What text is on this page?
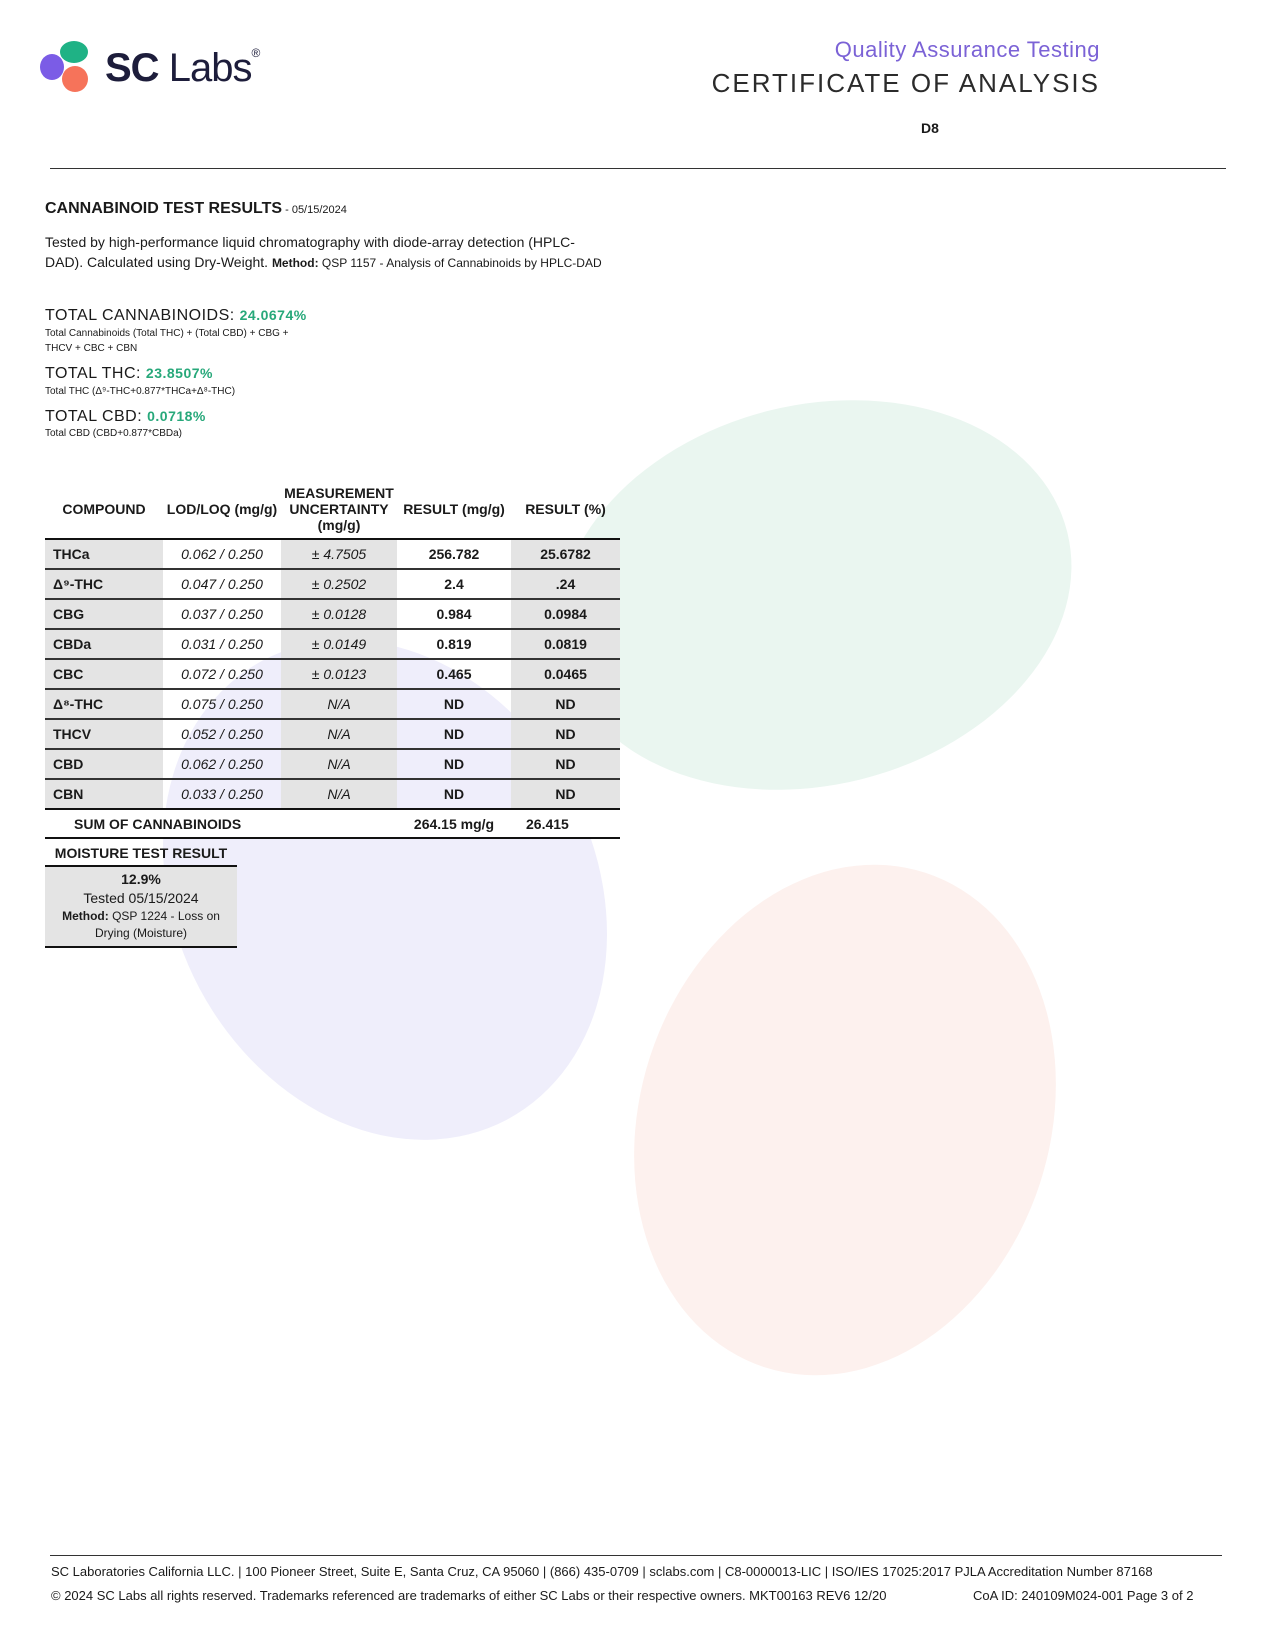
SC Labs®	Quality Assurance Testing
CERTIFICATE OF ANALYSIS
D8
CANNABINOID TEST RESULTS - 05/15/2024
Tested by high-performance liquid chromatography with diode-array detection (HPLC-DAD). Calculated using Dry-Weight. Method: QSP 1157 - Analysis of Cannabinoids by HPLC-DAD
TOTAL CANNABINOIDS: 24.0674%
Total Cannabinoids (Total THC) + (Total CBD) + CBG + THCV + CBC + CBN
TOTAL THC: 23.8507%
Total THC (Δ⁹-THC+0.877*THCa+Δ⁸-THC)
TOTAL CBD: 0.0718%
Total CBD (CBD+0.877*CBDa)
COMPOUND	LOD/LOQ (mg/g)	MEASUREMENT UNCERTAINTY (mg/g)	RESULT (mg/g)	RESULT (%)
THCa	0.062 / 0.250	± 4.7505	256.782	25.6782
Δ⁹-THC	0.047 / 0.250	± 0.2502	2.4	.24
CBG	0.037 / 0.250	± 0.0128	0.984	0.0984
CBDa	0.031 / 0.250	± 0.0149	0.819	0.0819
CBC	0.072 / 0.250	± 0.0123	0.465	0.0465
Δ⁸-THC	0.075 / 0.250	N/A	ND	ND
THCV	0.052 / 0.250	N/A	ND	ND
CBD	0.062 / 0.250	N/A	ND	ND
CBN	0.033 / 0.250	N/A	ND	ND
SUM OF CANNABINOIDS			264.15 mg/g	26.415
MOISTURE TEST RESULT
12.9%
Tested 05/15/2024
Method: QSP 1224 - Loss on Drying (Moisture)
SC Laboratories California LLC. | 100 Pioneer Street, Suite E, Santa Cruz, CA 95060 | (866) 435-0709 | sclabs.com | C8-0000013-LIC | ISO/IES 17025:2017 PJLA Accreditation Number 87168
© 2024 SC Labs all rights reserved. Trademarks referenced are trademarks of either SC Labs or their respective owners. MKT00163 REV6 12/20	CoA ID: 240109M024-001 Page 3 of 2
